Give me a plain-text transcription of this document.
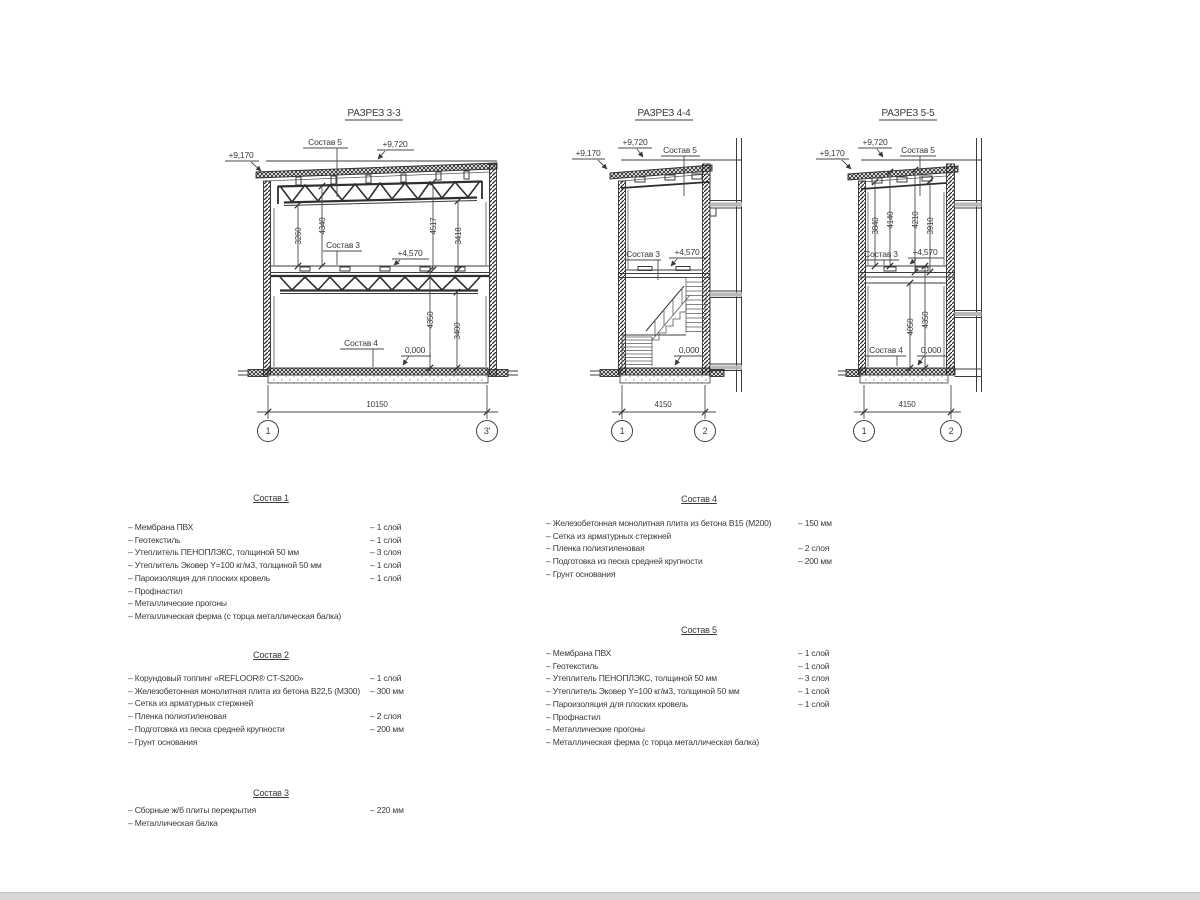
РАЗРЕЗ 3-3
+9,170
Состав 5	+9,720
3260
4340	4517
3418
4350
3400
Состав 3
+4,570
Состав 4
0,000
10150
1	3'
РАЗРЕЗ 4-4
+9,170
+9,720
Состав 5
Состав 3 +4,570
0,000
4150
1	2
РАЗРЕЗ 5-5
+9,170
+9,720
Состав 5
3840 4140 4210 3910
4050 4350
Состав 3 +4,570
Состав 4 0,000
4150
1	2
Состав 1
– Мембрана ПВХ	– 1 слой
– Геотекстиль	– 1 слой
– Утеплитель ПЕНОПЛЭКС, толщиной 50 мм	– 3 слоя
– Утеплитель Эковер Y=100 кг/м3, толщиной 50 мм	– 1 слой
– Пароизоляция для плоских кровель	– 1 слой
– Профнастил
– Металлические прогоны
– Металлическая ферма (с торца металлическая балка)
Состав 2
– Корундовый топпинг «REFLOOR® CT-S200»	– 1 слой
– Железобетонная монолитная плита из бетона В22,5 (М300) – 300 мм
– Сетка из арматурных стержней
– Пленка полиэтиленовая	– 2 слоя
– Подготовка из песка средней крупности	– 200 мм
– Грунт основания
Состав 3
– Сборные ж/б плиты перекрытия	– 220 мм
– Металлическая балка
Состав 4
– Железобетонная монолитная плита из бетона В15 (М200)	– 150 мм
– Сетка из арматурных стержней
– Пленка полиэтиленовая	– 2 слоя
– Подготовка из песка средней крупности	– 200 мм
– Грунт основания
Состав 5
– Мембрана ПВХ	– 1 слой
– Геотекстиль	– 1 слой
– Утеплитель ПЕНОПЛЭКС, толщиной 50 мм	– 3 слоя
– Утеплитель Эковер Y=100 кг/м3, толщиной 50 мм	– 1 слой
– Пароизоляция для плоских кровель	– 1 слой
– Профнастил
– Металлические прогоны
– Металлическая ферма (с торца металлическая балка)
